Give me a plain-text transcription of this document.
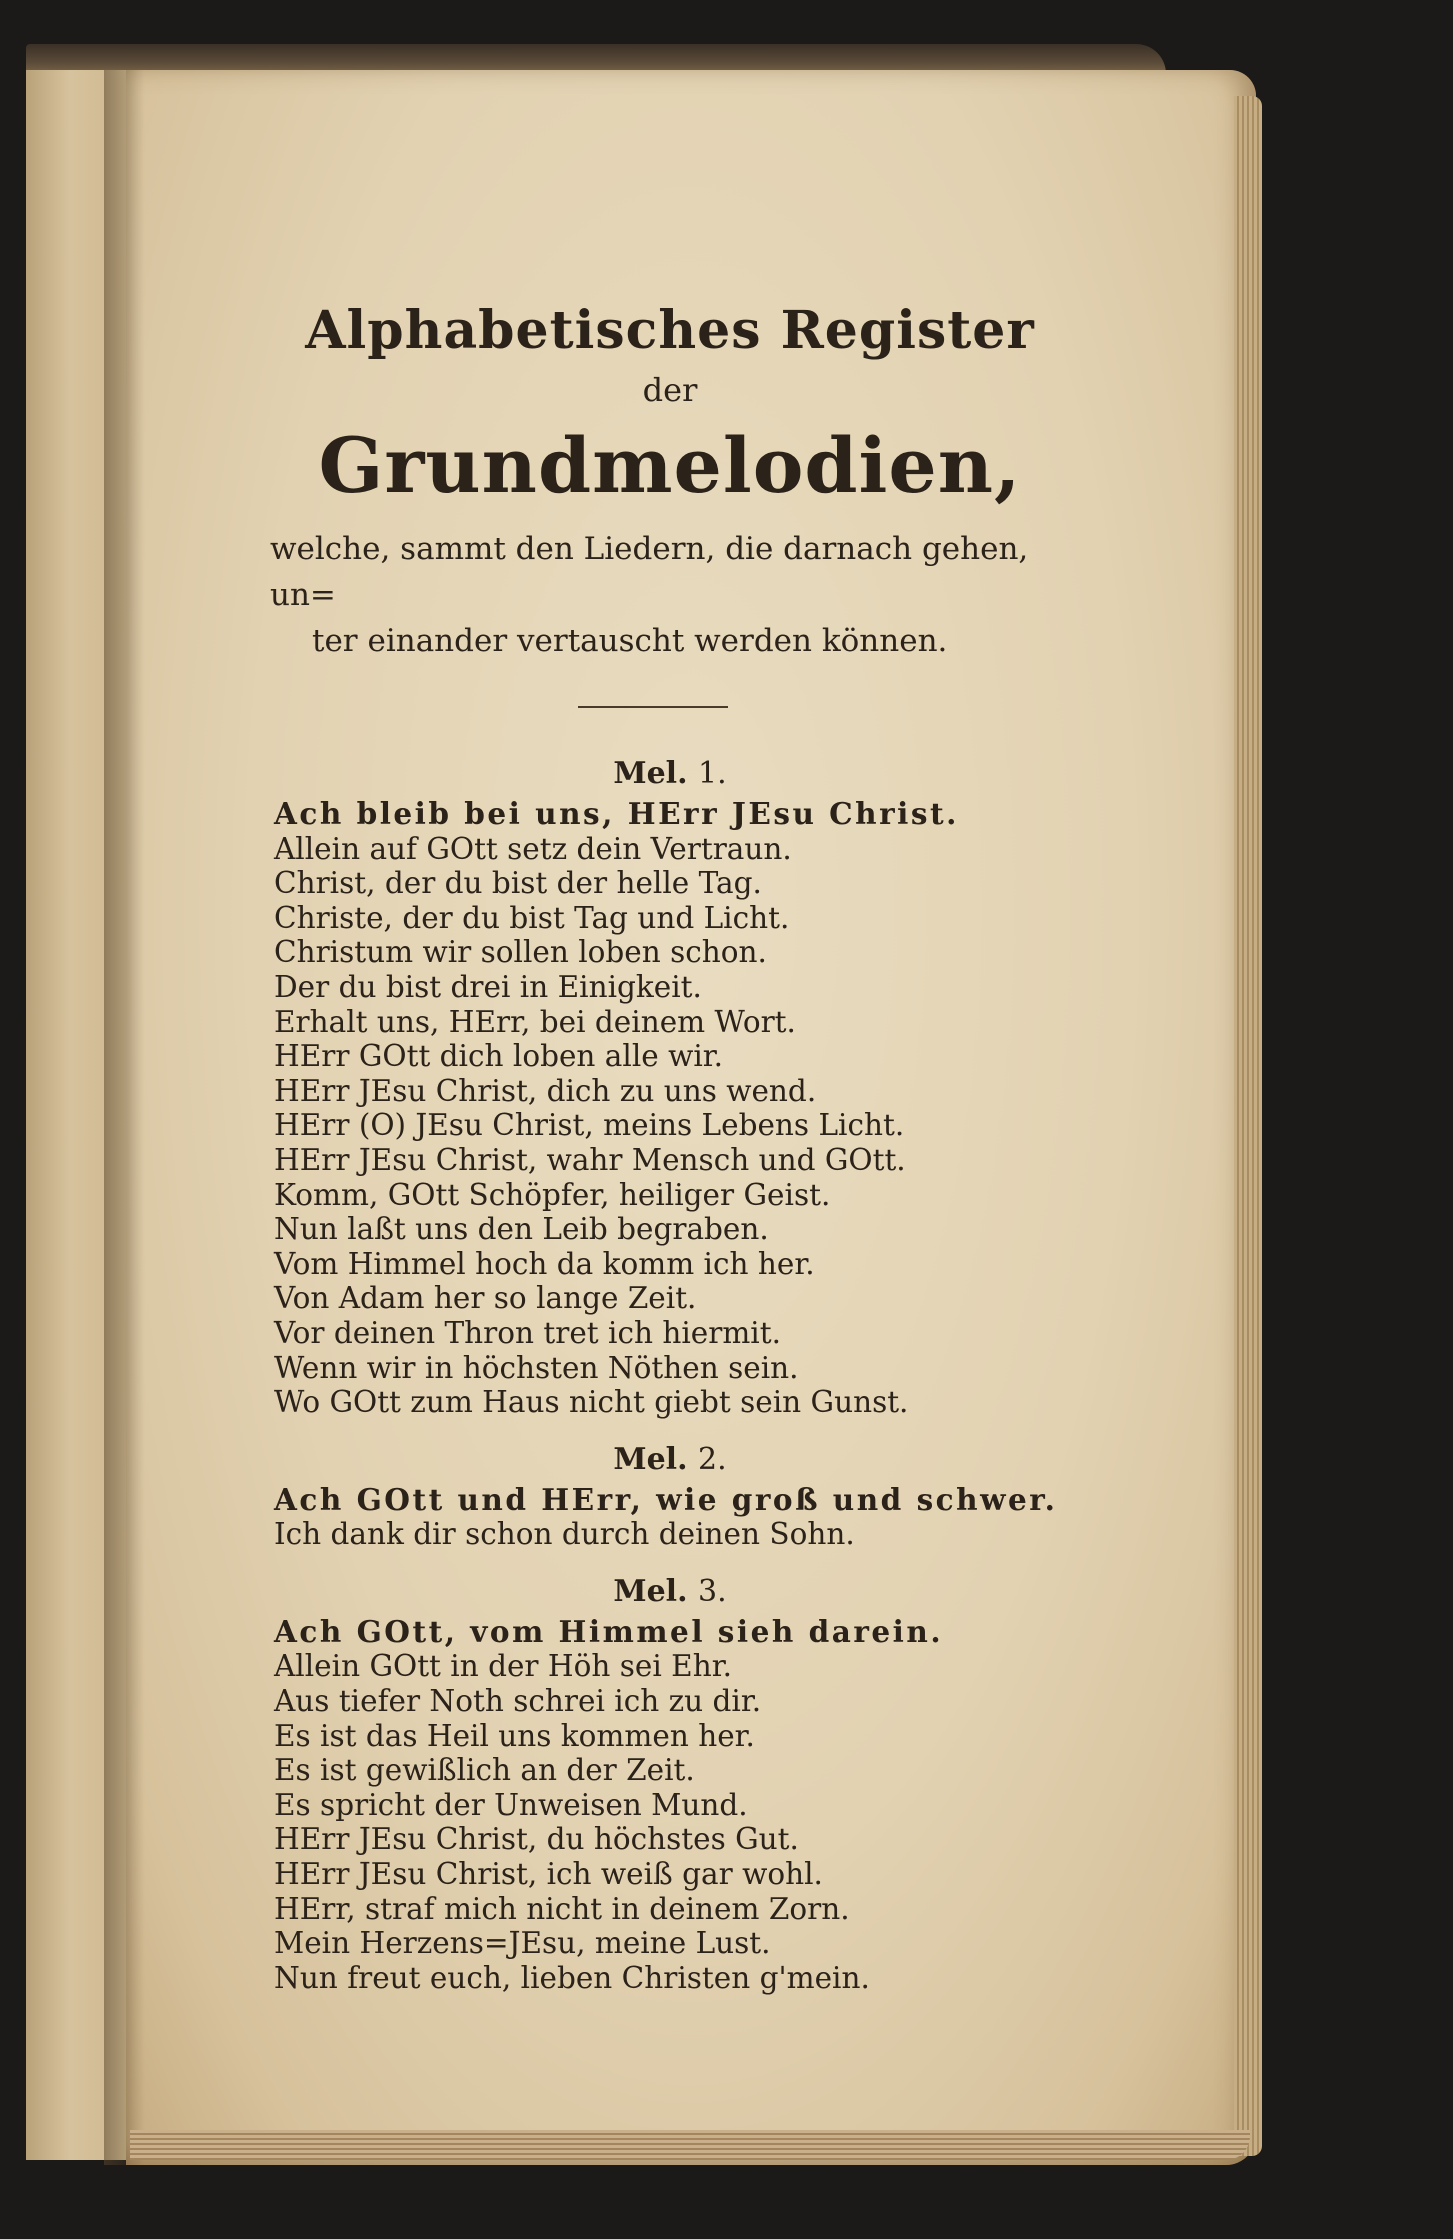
Alphabetisches Register
der
Grundmelodien,
welche, sammt den Liedern, die darnach gehen, un=
ter einander vertauscht werden können.
Mel. 1.
Ach bleib bei uns, HErr JEsu Christ.
Allein auf GOtt setz dein Vertraun.
Christ, der du bist der helle Tag.
Christe, der du bist Tag und Licht.
Christum wir sollen loben schon.
Der du bist drei in Einigkeit.
Erhalt uns, HErr, bei deinem Wort.
HErr GOtt dich loben alle wir.
HErr JEsu Christ, dich zu uns wend.
HErr (O) JEsu Christ, meins Lebens Licht.
HErr JEsu Christ, wahr Mensch und GOtt.
Komm, GOtt Schöpfer, heiliger Geist.
Nun laßt uns den Leib begraben.
Vom Himmel hoch da komm ich her.
Von Adam her so lange Zeit.
Vor deinen Thron tret ich hiermit.
Wenn wir in höchsten Nöthen sein.
Wo GOtt zum Haus nicht giebt sein Gunst.
Mel. 2.
Ach GOtt und HErr, wie groß und schwer.
Ich dank dir schon durch deinen Sohn.
Mel. 3.
Ach GOtt, vom Himmel sieh darein.
Allein GOtt in der Höh sei Ehr.
Aus tiefer Noth schrei ich zu dir.
Es ist das Heil uns kommen her.
Es ist gewißlich an der Zeit.
Es spricht der Unweisen Mund.
HErr JEsu Christ, du höchstes Gut.
HErr JEsu Christ, ich weiß gar wohl.
HErr, straf mich nicht in deinem Zorn.
Mein Herzens=JEsu, meine Lust.
Nun freut euch, lieben Christen g'mein.
